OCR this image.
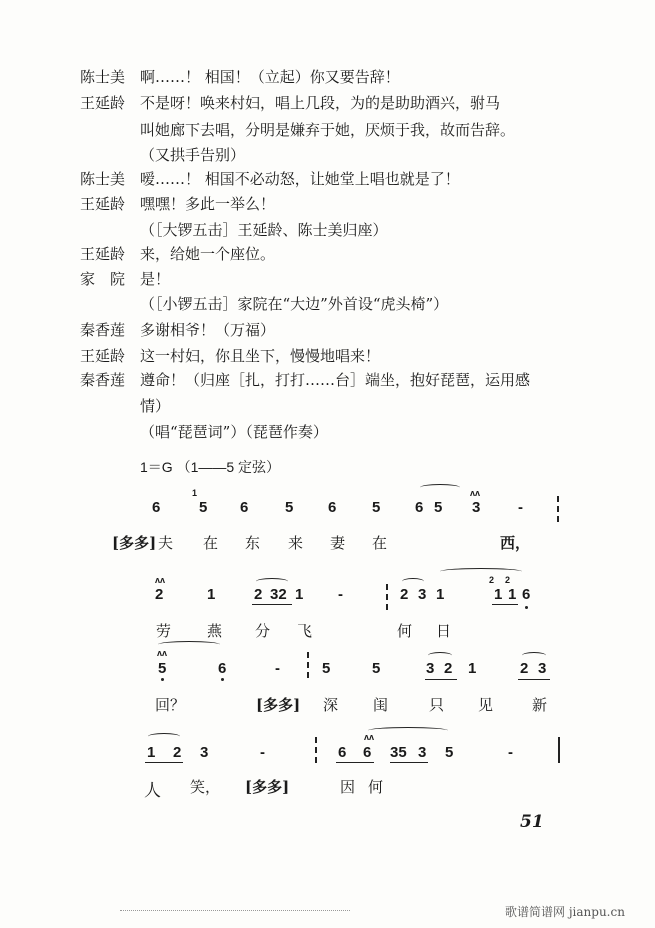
陈士美 啊……！ 相国！（立起）你又要告辞！
王延龄 不是呀！唤来村妇，唱上几段，为的是助助酒兴，驸马
叫她廊下去唱，分明是嫌弃于她，厌烦于我，故而告辞。
（又拱手告别）
陈士美 嗳……！ 相国不必动怒，让她堂上唱也就是了！
王延龄 嘿嘿！多此一举么！
（［大锣五击］王延龄、陈士美归座）
王延龄 来，给她一个座位。
家　院 是！
（［小锣五击］家院在“大边”外首设“虎头椅”）
秦香莲 多谢相爷！（万福）
王延龄 这一村妇，你且坐下，慢慢地唱来！
秦香莲 遵命！（归座［扎，打打……台］端坐，抱好琵琶，运用感
情）
（唱“琵琶词”）（琵琶作奏）
1＝G （1——5 定弦）
6
1
5 6 5 6 5 6 5 3	-
ʌʌ
[多多] 夫 在 东 来 妻 在	西，
ʌʌ
2	1	2 32 1 -	2 3 1
2
1
2
1 6
劳 燕 分 飞	何 日
ʌʌ
5	6	-	5	5	3 2 1	2 3
回？	[多多] 深 闺	只 见	新
1 2 3	-
ʌʌ
6 6 35 3 5	-
人 笑， [多多]	因 何
51
歌谱简谱网 jianpu.cn
